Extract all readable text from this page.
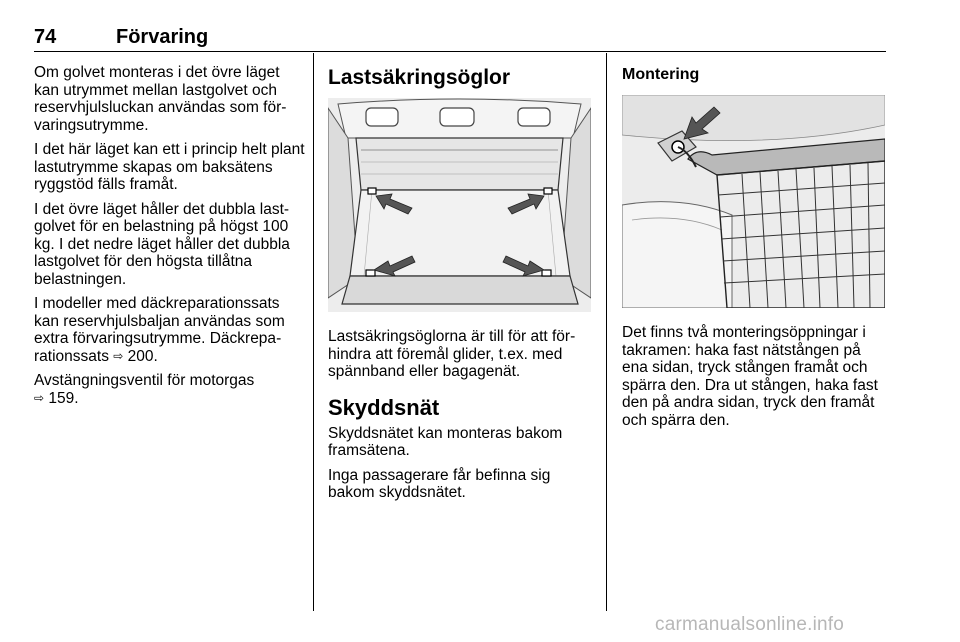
74	Förvaring

Om golvet monteras i det övre läget kan utrymmet mellan lastgolvet och reservhjulsluckan användas som förvaringsutrymme.

I det här läget kan ett i princip helt plant lastutrymme skapas om baksätens ryggstöd fälls framåt.

I det övre läget håller det dubbla lastgolvet för en belastning på högst 100 kg. I det nedre läget håller det dubbla lastgolvet för den högsta tillåtna belastningen.

I modeller med däckreparationssats kan reservhjulsbaljan användas som extra förvaringsutrymme. Däckreparationssats ⇨ 200.

Avstängningsventil för motorgas
⇨ 159.

Lastsäkringsöglor

Lastsäkringsöglorna är till för att förhindra att föremål glider, t.ex. med spännband eller bagagenät.

Skyddsnät

Skyddsnätet kan monteras bakom framsätena.

Inga passagerare får befinna sig bakom skyddsnätet.

Montering

Det finns två monteringsöppningar i takramen: haka fast nätstången på ena sidan, tryck stången framåt och spärra den. Dra ut stången, haka fast den på andra sidan, tryck den framåt och spärra den.

carmanualsonline.info
